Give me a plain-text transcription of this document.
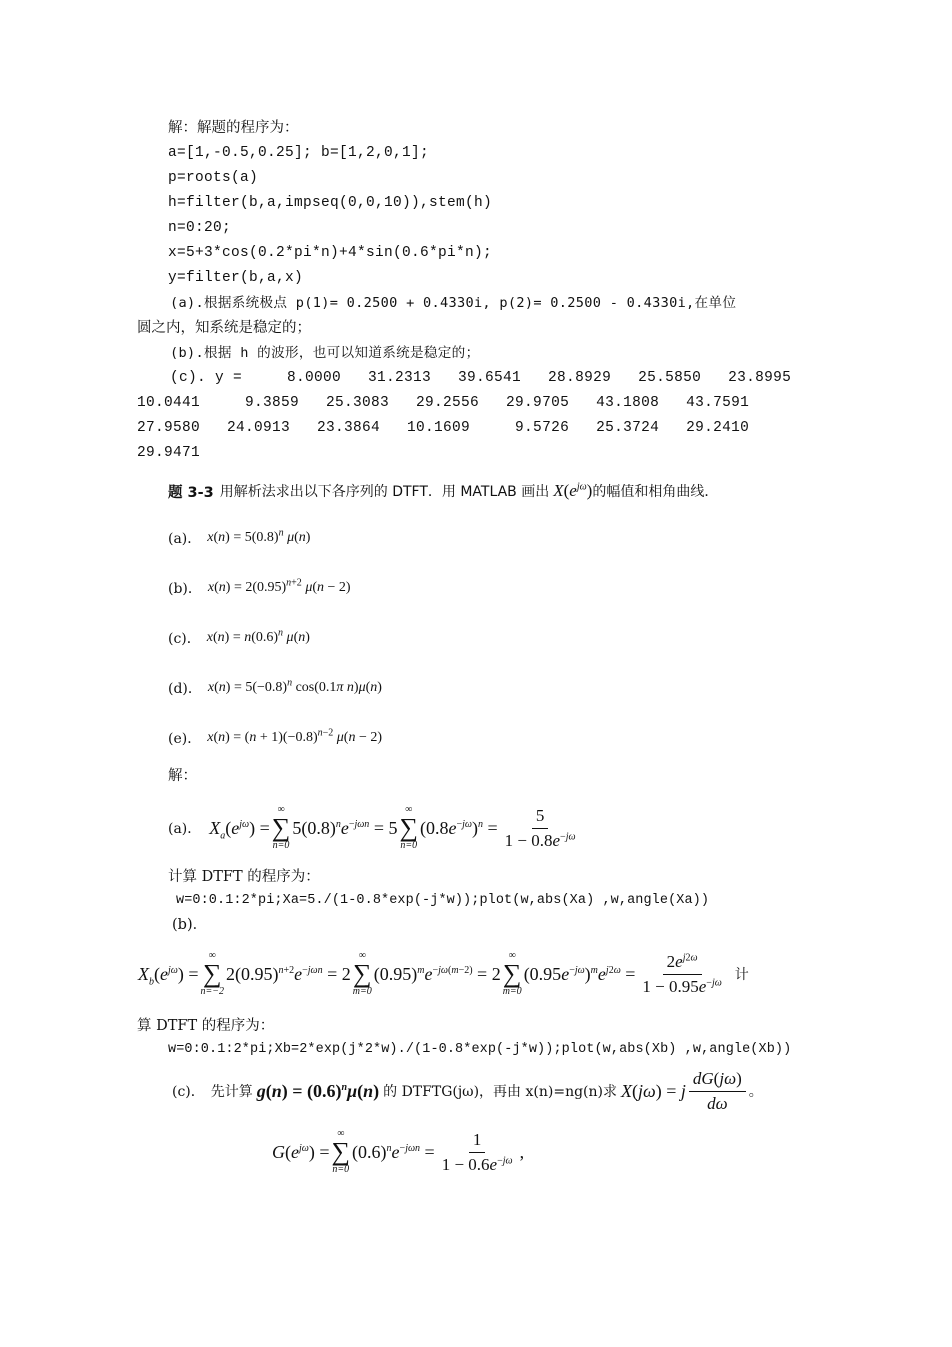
解：解题的程序为：
a=[1,-0.5,0.25]; b=[1,2,0,1];
p=roots(a)
h=filter(b,a,impseq(0,0,10)),stem(h)
n=0:20;
x=5+3*cos(0.2*pi*n)+4*sin(0.6*pi*n);
y=filter(b,a,x)
(a).根据系统极点 p(1)= 0.2500 + 0.4330i, p(2)= 0.2500 - 0.4330i,在单位
圆之内，知系统是稳定的；
(b).根据 h 的波形，也可以知道系统是稳定的；
(c). y =     8.0000   31.2313   39.6541   28.8929   25.5850   23.8995
10.0441     9.3859   25.3083   29.2556   29.9705   43.1808   43.7591
27.9580   24.0913   23.3864   10.1609     9.5726   25.3724   29.2410
29.9471
题 3-3 用解析法求出以下各序列的 DTFT．用 MATLAB 画出 $X(e^{j\omega})$ 的幅值和相角曲线．
(a)． $x(n) = 5(0.8)^n$ μ(n)
(b)． $x(n) = 2(0.95)^{n+2}$ μ(n − 2)
(c)． $x(n) = n(0.6)^n$ μ(n)
(d)． $x(n) = 5(-0.8)^n$ cos(0.1π n)μ(n)
(e)． $x(n) = (n + 1)(-0.8)^{n-2}$ μ(n − 2)
解：
(a)． $X_a(e^{j\omega})$ =
∞
∑
n=0
$5(0.8)^ne^{-j\omega n} = 5$
∞
∑
n=0
$(0.8e^{-j\omega})^n = \frac{5}{1 - 0.8e^{-j\omega}}$
计算 DTFT 的程序为：
w=0:0.1:2*pi;Xa=5./(1-0.8*exp(-j*w));plot(w,abs(Xa) ,w,angle(Xa))
(b)．
$X_b(e^{j\omega})$ =
∞
∑
n=−2
$2(0.95)^{n+2}e^{-j\omega n} = 2$
∞
∑
m=0
$(0.95)^me^{-j\omega(m-2)} = 2$
∞
∑
m=0
$(0.95e^{-j\omega})^me^{j2\omega} = \frac{2e^{j2\omega}}{1 - 0.95e^{-j\omega}}$ 计
算 DTFT 的程序为：
w=0:0.1:2*pi;Xb=2*exp(j*2*w)./(1-0.8*exp(-j*w));plot(w,abs(Xb) ,w,angle(Xb))
(c)． 先计算 $g(n) = (0.6)^n\mu(n)$ 的 DTFTG(jω)，再由 x(n)=ng(n)求 X(jω) = j $\frac{dG(j\omega)}{d\omega}$ 。
$G(e^{j\omega})$ =
∞
∑
n=0
$(0.6)^ne^{-j\omega n} = \frac{1}{1 - 0.6e^{-j\omega}}$ ,
